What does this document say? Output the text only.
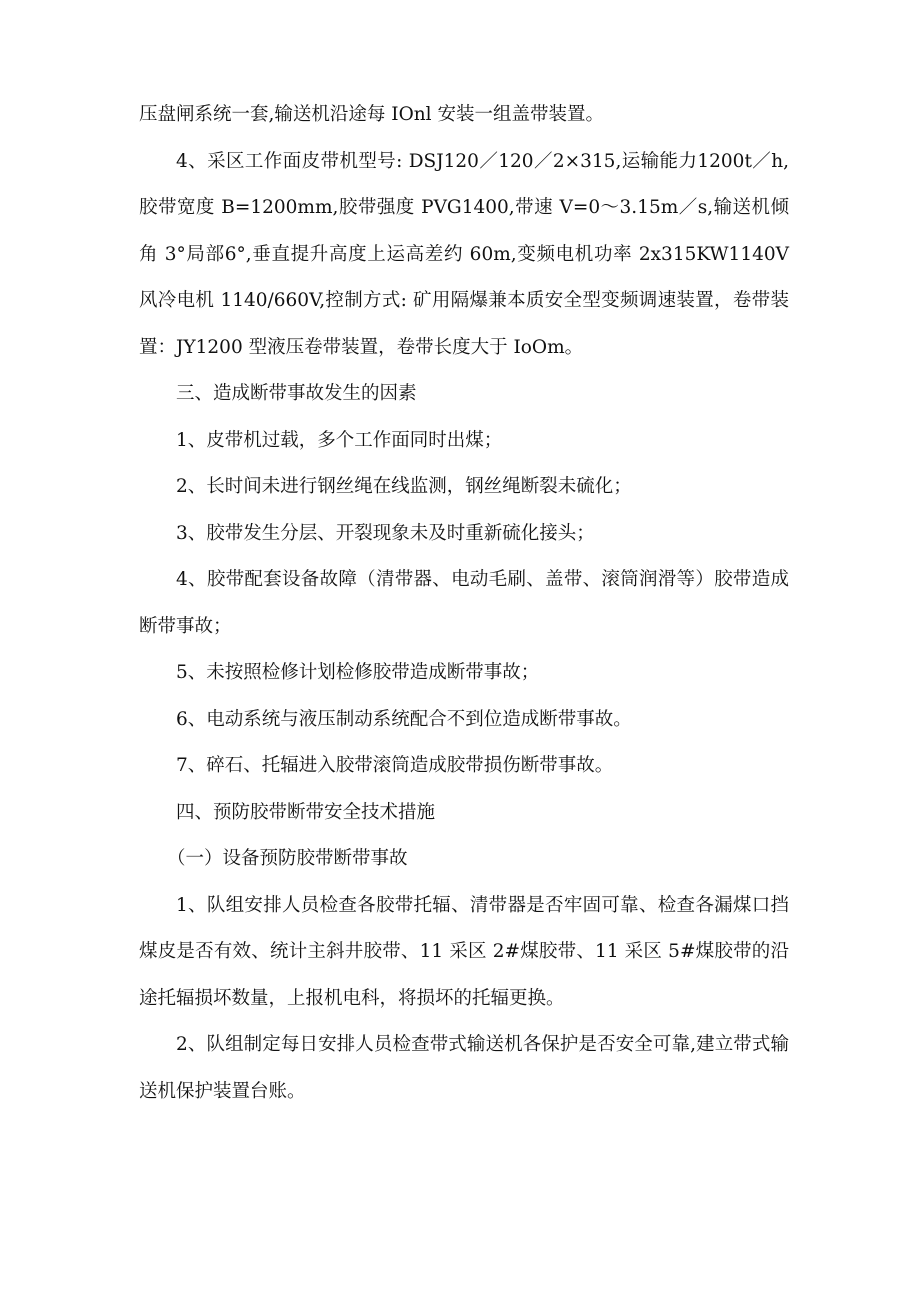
压盘闸系统一套,输送机沿途每 IOnl 安装一组盖带装置。

4、采区工作面皮带机型号: DSJ120／120／2×315,运输能力1200t／h,胶带宽度 B=1200mm,胶带强度 PVG1400,带速 V=0～3.15m／s,输送机倾角 3°局部6°,垂直提升高度上运高差约 60m,变频电机功率 2x315KW1140V 风冷电机 1140/660V,控制方式: 矿用隔爆兼本质安全型变频调速装置，卷带装置：JY1200 型液压卷带装置，卷带长度大于 IoOm。

三、造成断带事故发生的因素

1、皮带机过载，多个工作面同时出煤；

2、长时间未进行钢丝绳在线监测，钢丝绳断裂未硫化；

3、胶带发生分层、开裂现象未及时重新硫化接头；

4、胶带配套设备故障（清带器、电动毛刷、盖带、滚筒润滑等）胶带造成断带事故；

5、未按照检修计划检修胶带造成断带事故；

6、电动系统与液压制动系统配合不到位造成断带事故。

7、碎石、托辐进入胶带滚筒造成胶带损伤断带事故。

四、预防胶带断带安全技术措施

（一）设备预防胶带断带事故

1、队组安排人员检查各胶带托辐、清带器是否牢固可靠、检查各漏煤口挡煤皮是否有效、统计主斜井胶带、11 采区 2#煤胶带、11 采区 5#煤胶带的沿途托辐损坏数量，上报机电科，将损坏的托辐更换。

2、队组制定每日安排人员检查带式输送机各保护是否安全可靠,建立带式输送机保护装置台账。
